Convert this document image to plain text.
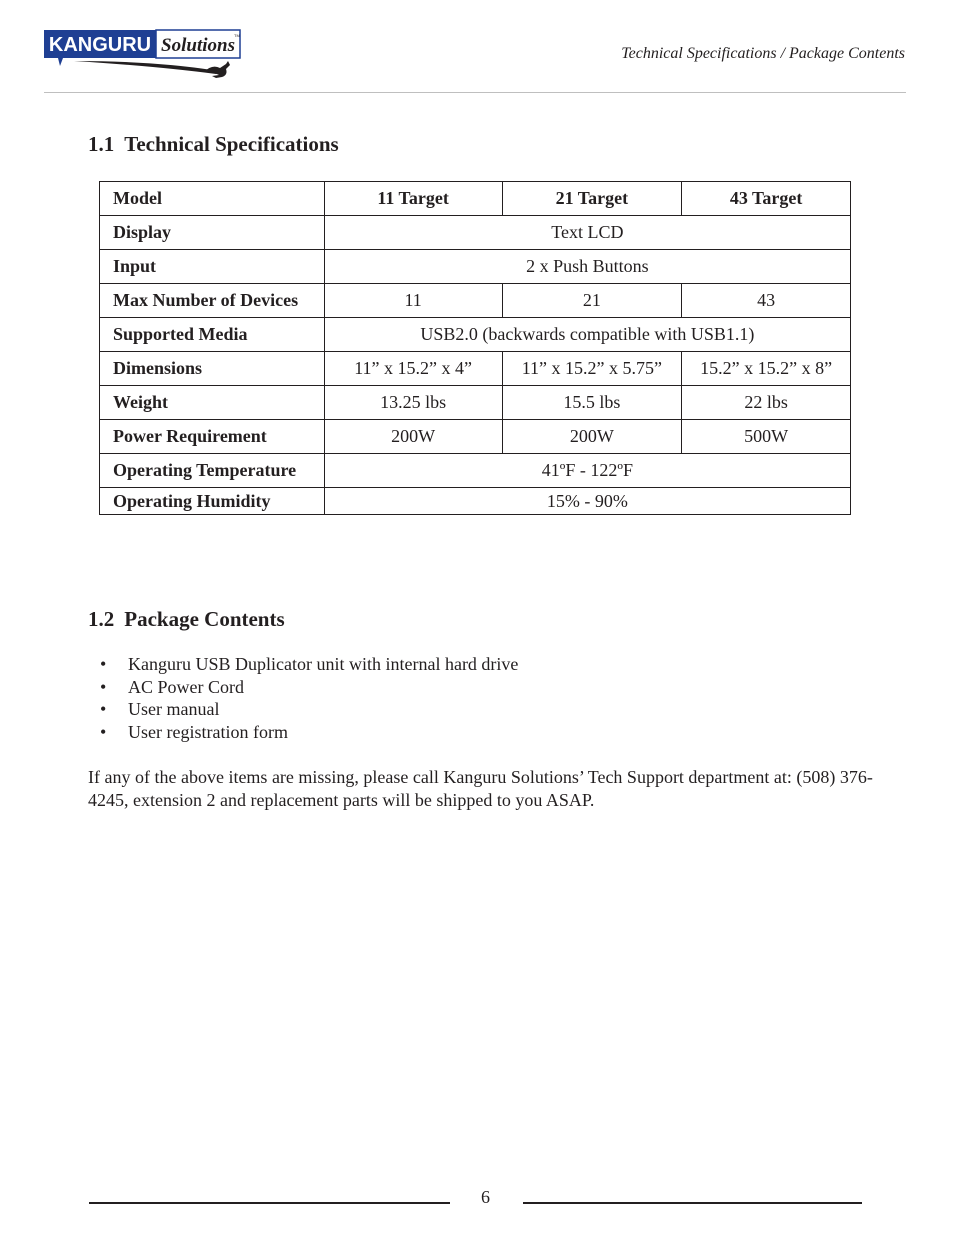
KANGURU Solutions TM
Technical Specifications / Package Contents
1.1 Technical Specifications
Model	11 Target	21 Target	43 Target
Display	Text LCD		
Input	2 x Push Buttons		
Max Number of Devices	11	21	43
Supported Media	USB2.0 (backwards compatible with USB1.1)		
Dimensions	11” x 15.2” x 4”	11” x 15.2” x 5.75”	15.2” x 15.2” x 8”
Weight	13.25 lbs	15.5 lbs	22 lbs
Power Requirement	200W	200W	500W
Operating Temperature	41ºF - 122ºF		
Operating Humidity	15% - 90%		
1.2 Package Contents
• Kanguru USB Duplicator unit with internal hard drive
• AC Power Cord
• User manual
• User registration form

If any of the above items are missing, please call Kanguru Solutions’ Tech Support department at: (508) 376-4245, extension 2 and replacement parts will be shipped to you ASAP.

6
